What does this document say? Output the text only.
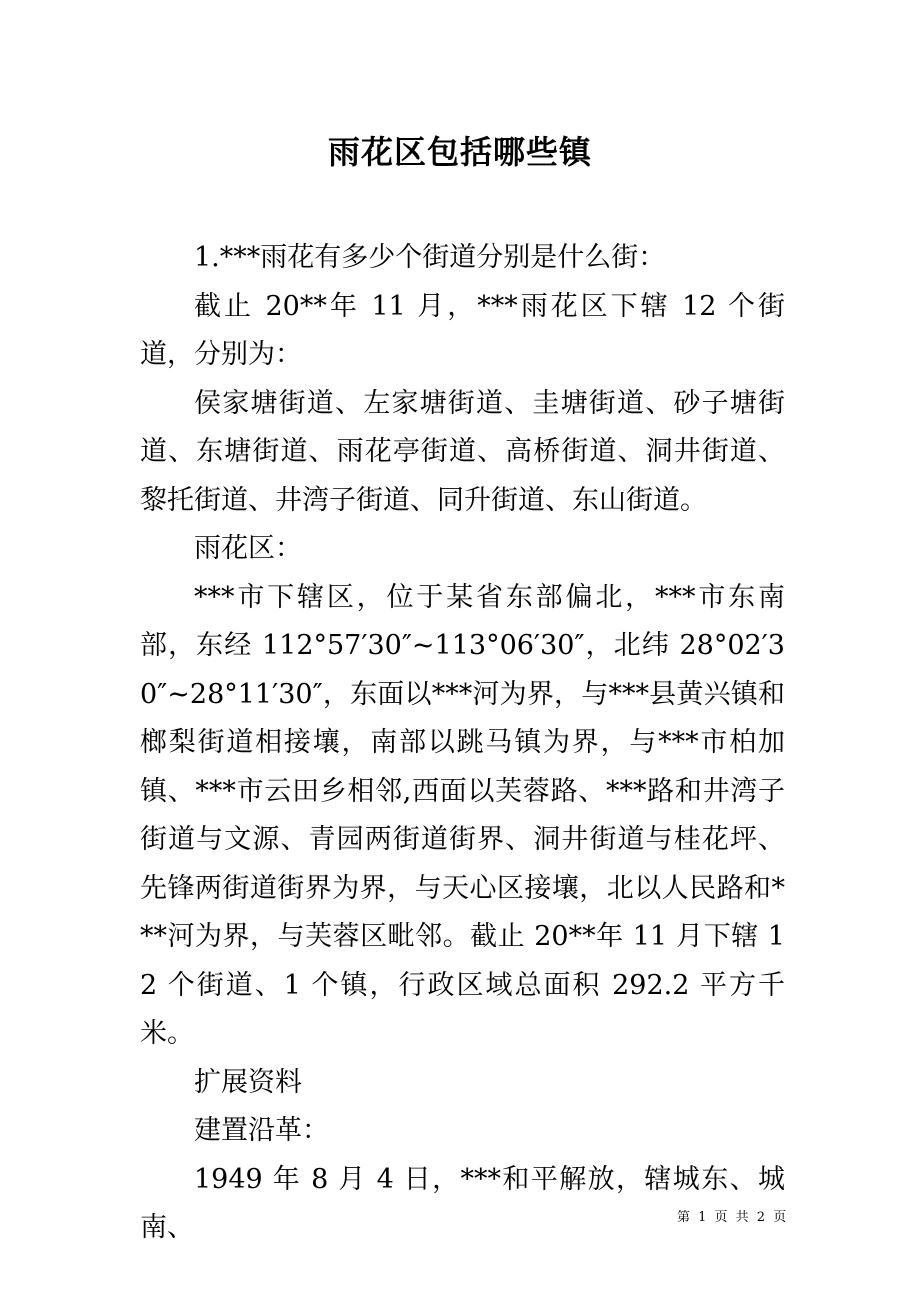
雨花区包括哪些镇

1.***雨花有多少个街道分别是什么街：

截止 20**年 11 月，***雨花区下辖 12 个街道，分别为：

侯家塘街道、左家塘街道、圭塘街道、砂子塘街道、东塘街道、雨花亭街道、高桥街道、洞井街道、黎托街道、井湾子街道、同升街道、东山街道。

雨花区：

***市下辖区，位于某省东部偏北，***市东南部，东经 112°57′30″~113°06′30″，北纬 28°02′30″~28°11′30″，东面以***河为界，与***县黄兴镇和榔梨街道相接壤，南部以跳马镇为界，与***市柏加镇、***市云田乡相邻,西面以芙蓉路、***路和井湾子街道与文源、青园两街道街界、洞井街道与桂花坪、先锋两街道街界为界，与天心区接壤，北以人民路和***河为界，与芙蓉区毗邻。截止 20**年 11 月下辖 12 个街道、1 个镇，行政区域总面积 292.2 平方千米。

扩展资料

建置沿革：

1949 年 8 月 4 日，***和平解放，辖城东、城南、	第 1 页 共 2 页
